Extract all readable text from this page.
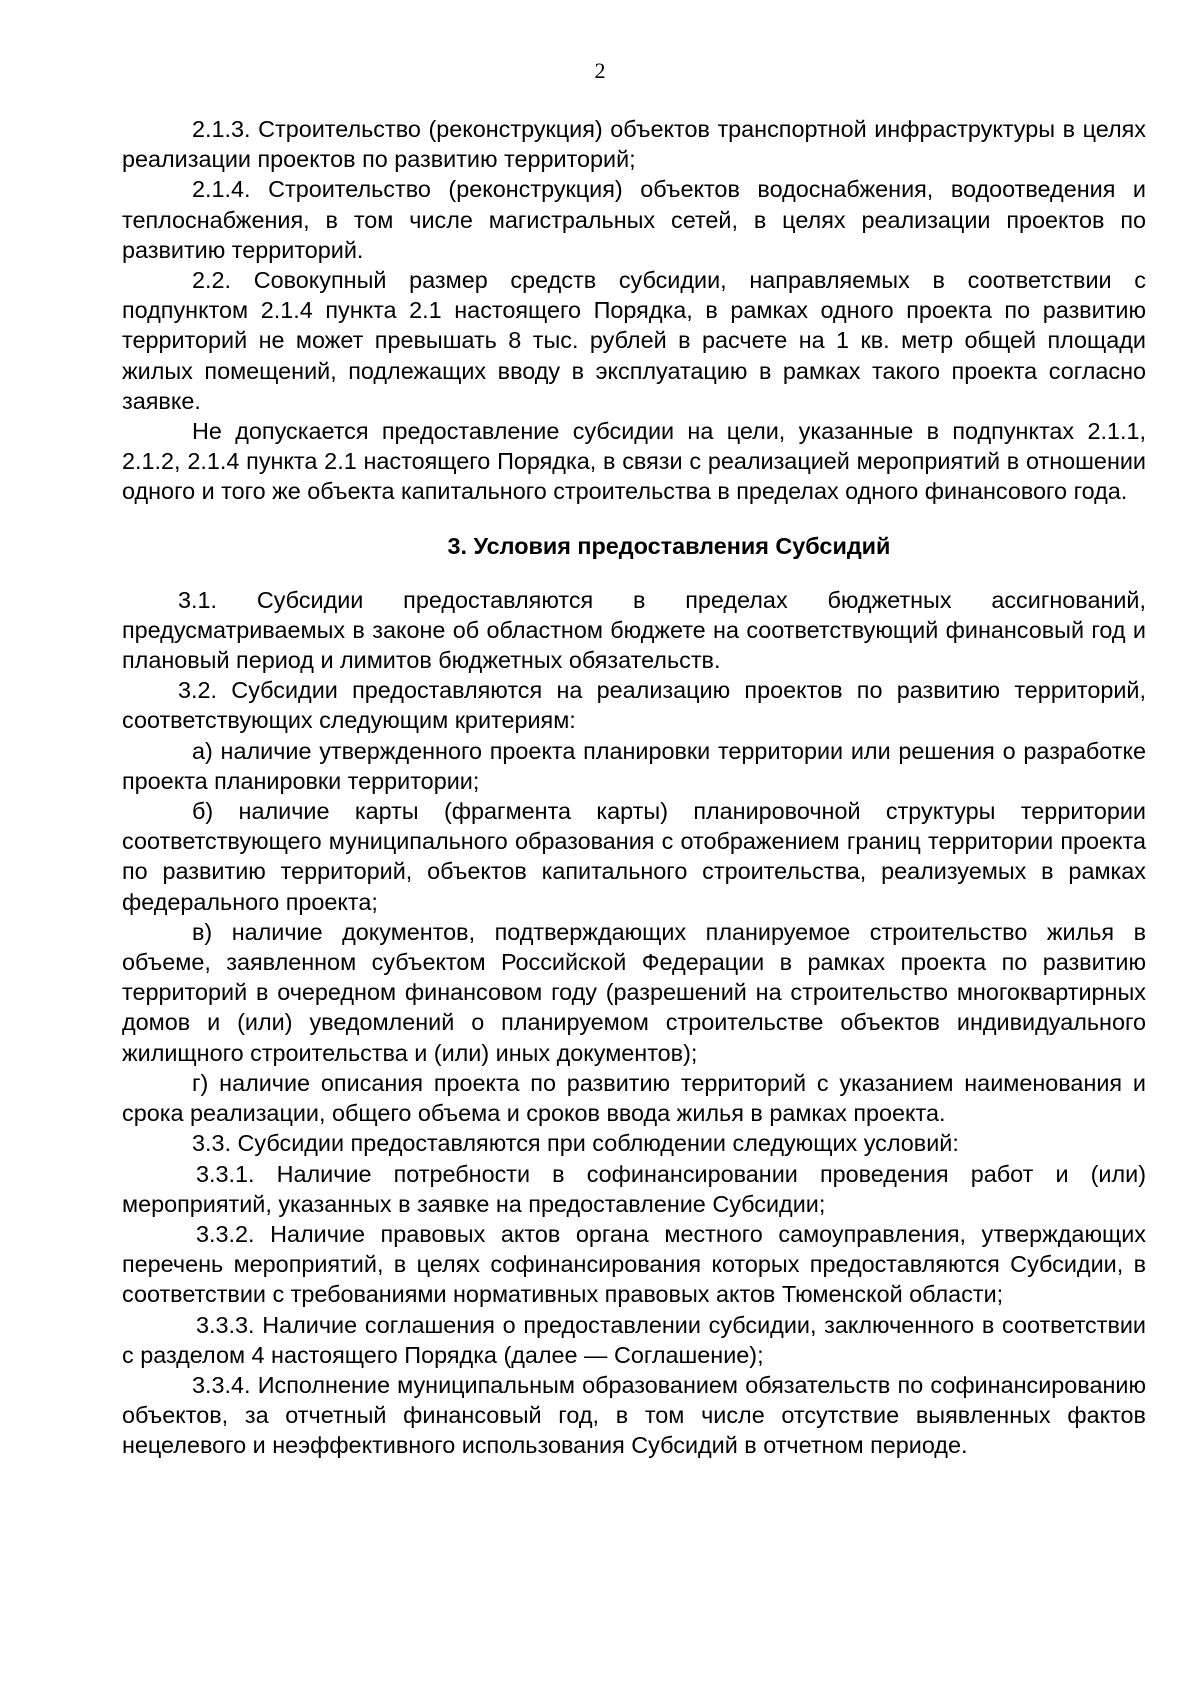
2

2.1.3. Строительство (реконструкция) объектов транспортной инфраструктуры в целях реализации проектов по развитию территорий;

2.1.4. Строительство (реконструкция) объектов водоснабжения, водоотведения и теплоснабжения, в том числе магистральных сетей, в целях реализации проектов по развитию территорий.

2.2. Совокупный размер средств субсидии, направляемых в соответствии с подпунктом 2.1.4 пункта 2.1 настоящего Порядка, в рамках одного проекта по развитию территорий не может превышать 8 тыс. рублей в расчете на 1 кв. метр общей площади жилых помещений, подлежащих вводу в эксплуатацию в рамках такого проекта согласно заявке.

Не допускается предоставление субсидии на цели, указанные в подпунктах 2.1.1, 2.1.2, 2.1.4 пункта 2.1 настоящего Порядка, в связи с реализацией мероприятий в отношении одного и того же объекта капитального строительства в пределах одного финансового года.

3. Условия предоставления Субсидий

3.1. Субсидии предоставляются в пределах бюджетных ассигнований, предусматриваемых в законе об областном бюджете на соответствующий финансовый год и плановый период и лимитов бюджетных обязательств.

3.2. Субсидии предоставляются на реализацию проектов по развитию территорий, соответствующих следующим критериям:

а) наличие утвержденного проекта планировки территории или решения о разработке проекта планировки территории;

б) наличие карты (фрагмента карты) планировочной структуры территории соответствующего муниципального образования с отображением границ территории проекта по развитию территорий, объектов капитального строительства, реализуемых в рамках федерального проекта;

в) наличие документов, подтверждающих планируемое строительство жилья в объеме, заявленном субъектом Российской Федерации в рамках проекта по развитию территорий в очередном финансовом году (разрешений на строительство многоквартирных домов и (или) уведомлений о планируемом строительстве объектов индивидуального жилищного строительства и (или) иных документов);

г) наличие описания проекта по развитию территорий с указанием наименования и срока реализации, общего объема и сроков ввода жилья в рамках проекта.

3.3. Субсидии предоставляются при соблюдении следующих условий:

3.3.1. Наличие потребности в софинансировании проведения работ и (или) мероприятий, указанных в заявке на предоставление Субсидии;

3.3.2. Наличие правовых актов органа местного самоуправления, утверждающих перечень мероприятий, в целях софинансирования которых предоставляются Субсидии, в соответствии с требованиями нормативных правовых актов Тюменской области;

3.3.3. Наличие соглашения о предоставлении субсидии, заключенного в соответствии с разделом 4 настоящего Порядка (далее — Соглашение);

3.3.4. Исполнение муниципальным образованием обязательств по софинансированию объектов, за отчетный финансовый год, в том числе отсутствие выявленных фактов нецелевого и неэффективного использования Субсидий в отчетном периоде.
